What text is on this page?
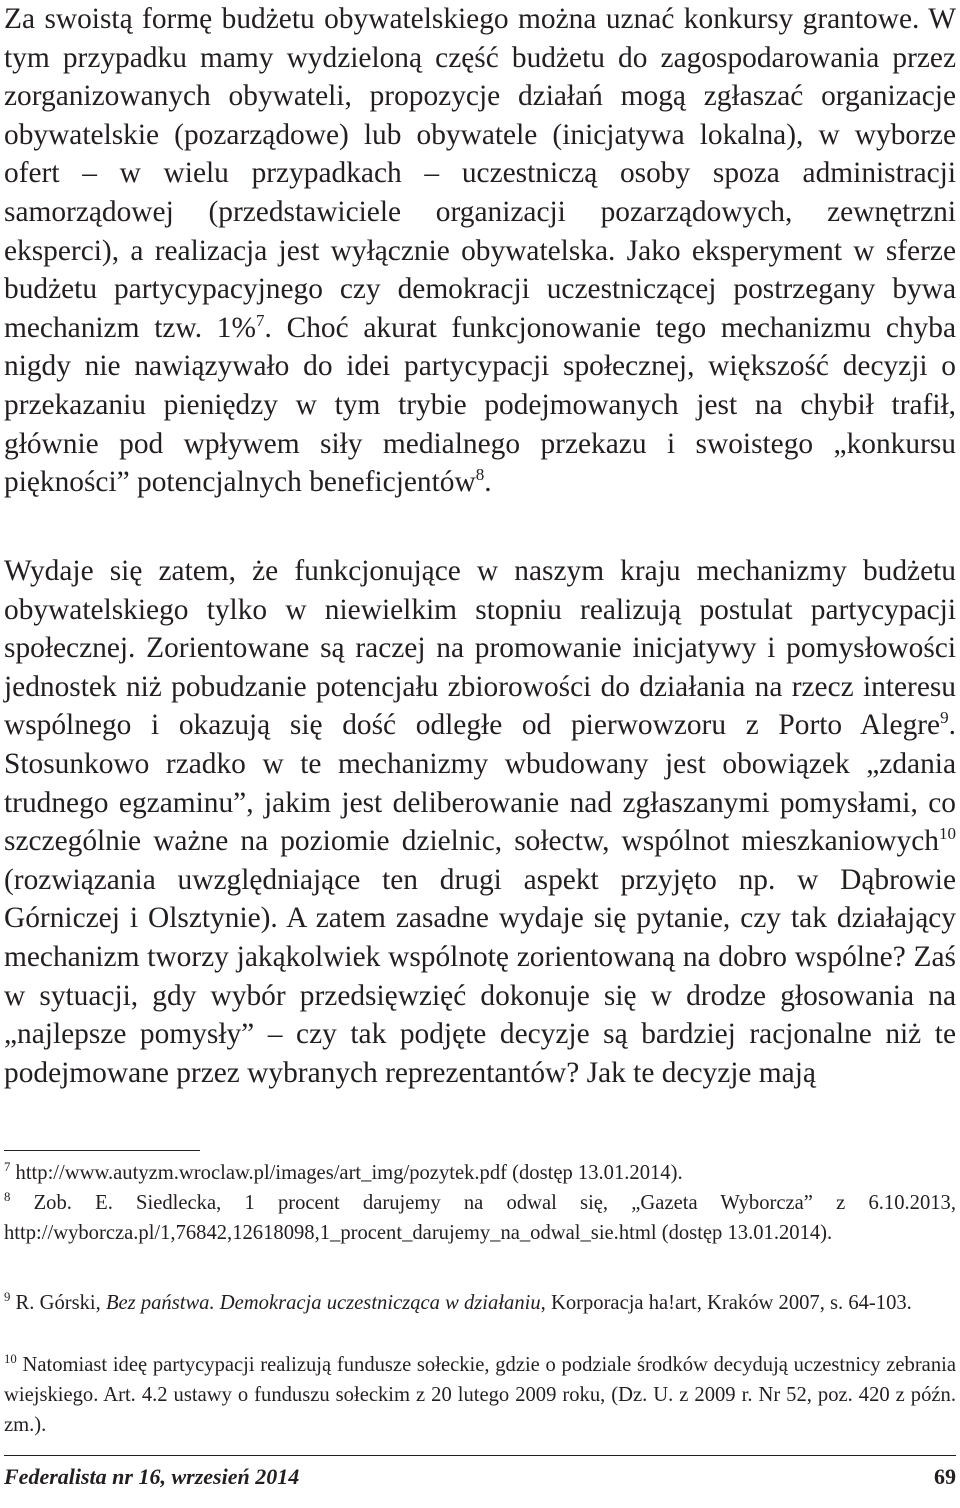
Za swoistą formę budżetu obywatelskiego można uznać konkursy grantowe. W tym przypadku mamy wydzieloną część budżetu do zagospodarowania przez zorganizowanych obywateli, propozycje działań mogą zgłaszać organizacje obywatelskie (pozarządowe) lub obywatele (inicjatywa lokalna), w wyborze ofert – w wielu przypadkach – uczestniczą osoby spoza administracji samorządowej (przedstawiciele organizacji pozarządowych, zewnętrzni eksperci), a realizacja jest wyłącznie obywatelska. Jako eksperyment w sferze budżetu partycypacyjnego czy demokracji uczestniczącej postrzegany bywa mechanizm tzw. 1%$^7$. Choć akurat funkcjonowanie tego mechanizmu chyba nigdy nie nawiązywało do idei partycypacji społecznej, większość decyzji o przekazaniu pieniędzy w tym trybie podejmowanych jest na chybił trafił, głównie pod wpływem siły medialnego przekazu i swoistego „konkursu piękności” potencjalnych beneficjentów$^8$.

Wydaje się zatem, że funkcjonujące w naszym kraju mechanizmy budżetu obywatelskiego tylko w niewielkim stopniu realizują postulat partycypacji społecznej. Zorientowane są raczej na promowanie inicjatywy i pomysłowości jednostek niż pobudzanie potencjału zbiorowości do działania na rzecz interesu wspólnego i okazują się dość odległe od pierwowzoru z Porto Alegre$^9$. Stosunkowo rzadko w te mechanizmy wbudowany jest obowiązek „zdania trudnego egzaminu”, jakim jest deliberowanie nad zgłaszanymi pomysłami, co szczególnie ważne na poziomie dzielnic, sołectw, wspólnot mieszkaniowych$^{10}$ (rozwiązania uwzględniające ten drugi aspekt przyjęto np. w Dąbrowie Górniczej i Olsztynie). A zatem zasadne wydaje się pytanie, czy tak działający mechanizm tworzy jakąkolwiek wspólnotę zorientowaną na dobro wspólne? Zaś w sytuacji, gdy wybór przedsięwzięć dokonuje się w drodze głosowania na „najlepsze pomysły” – czy tak podjęte decyzje są bardziej racjonalne niż te podejmowane przez wybranych reprezentantów? Jak te decyzje mają

$^7$ http://www.autyzm.wroclaw.pl/images/art_img/pozytek.pdf (dostęp 13.01.2014).

$^8$ Zob. E. Siedlecka, 1 procent darujemy na odwal się, „Gazeta Wyborcza” z 6.10.2013, http://wyborcza.pl/1,76842,12618098,1_procent_darujemy_na_odwal_sie.html (dostęp 13.01.2014).

$^9$ R. Górski, Bez państwa. Demokracja uczestnicząca w działaniu, Korporacja ha!art, Kraków 2007, s. 64-103.

$^{10}$ Natomiast ideę partycypacji realizują fundusze sołeckie, gdzie o podziale środków decydują uczestnicy zebrania wiejskiego. Art. 4.2 ustawy o funduszu sołeckim z 20 lutego 2009 roku, (Dz. U. z 2009 r. Nr 52, poz. 420 z późn. zm.).

Federalista nr 16, wrzesień 2014	69
